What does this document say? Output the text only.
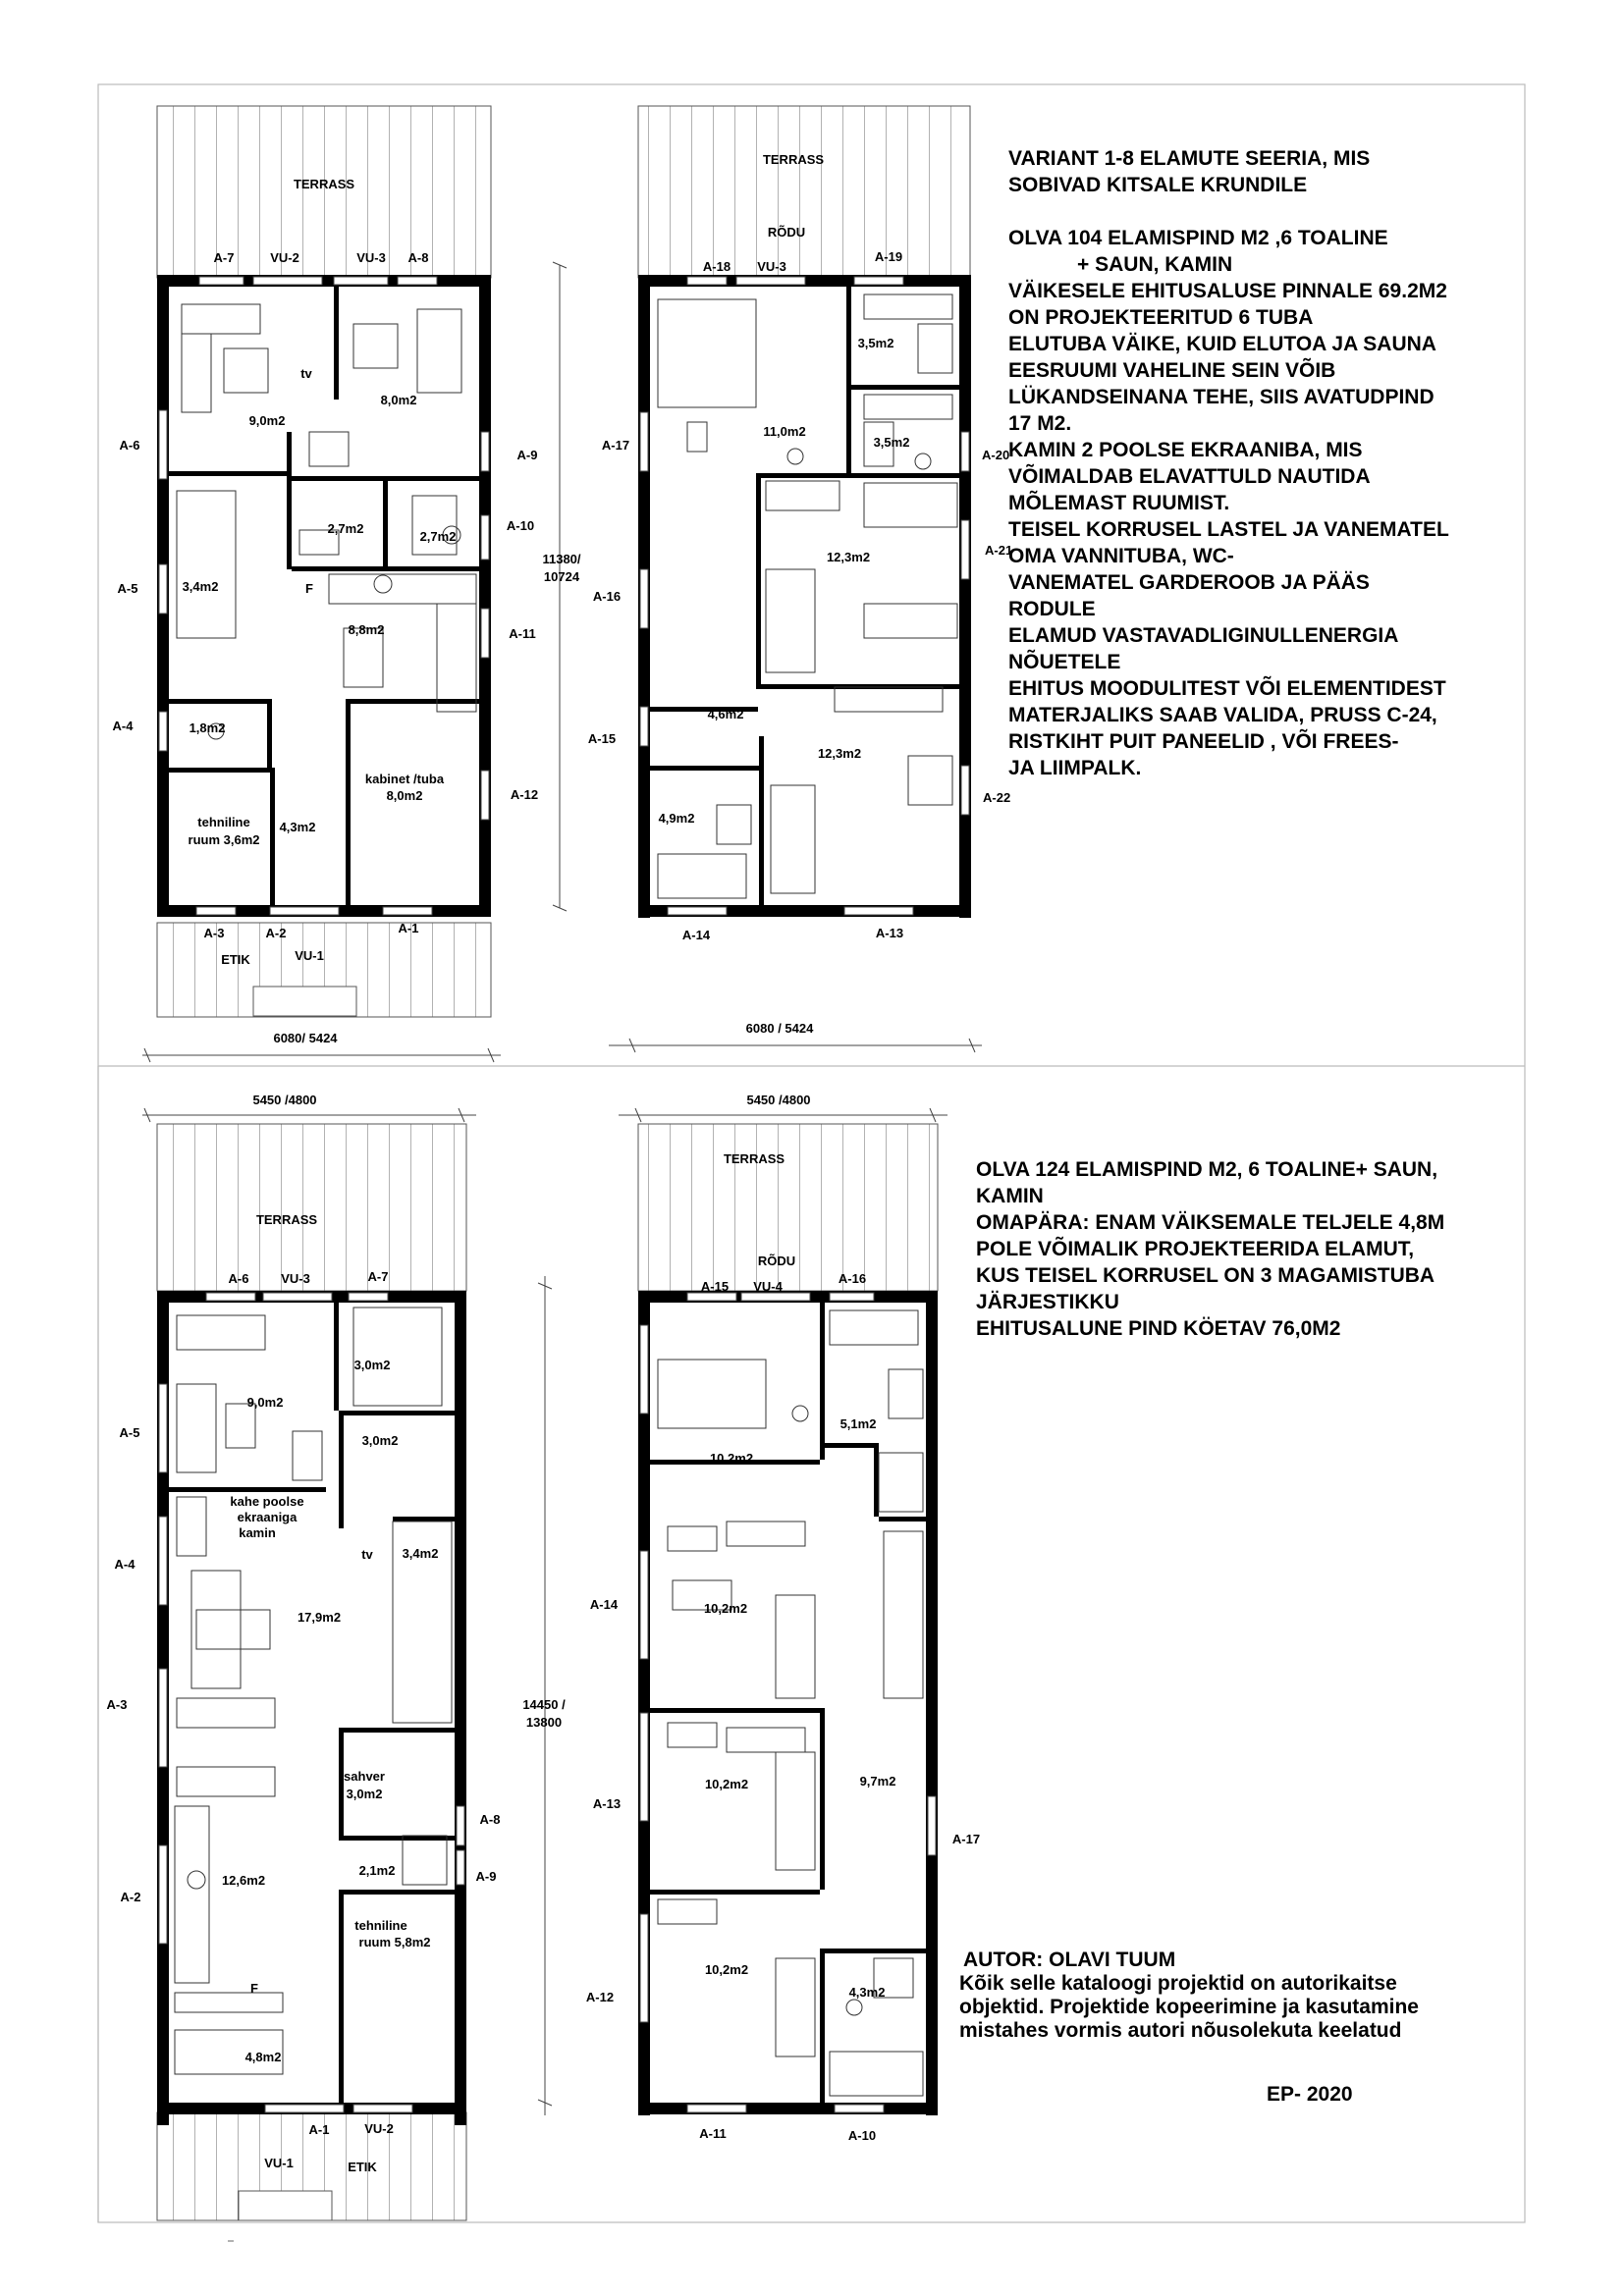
TERRASS
A-7	VU-2	VU-3 A-8
A-6
A-9
A-10
A-5
A-11
A-4
A-12
A-3	A-2	A-1
VU-1
ETIK
9,0m2
8,0m2
tv
2,7m2
2,7m2
3,4m2	F
8,8m2
1,8m2
tehniline
ruum 3,6m2
4,3m2
kabinet /tuba
8,0m2
11380/
10724
6080/ 5424
TERRASS
RÕDU
A-18 VU-3
A-19
A-17
A-20
A-21
A-16
A-15
A-22
A-14	A-13
3,5m2
11,0m2
3,5m2
12,3m2
4,6m2
12,3m2
4,9m2
6080 / 5424
5450 /4800
TERRASS
A-6	VU-3	A-7
A-5
A-4
A-3
A-8
A-9
A-2
A-1	VU-2
VU-1	ETIK
3,0m2
9,0m2
3,0m2
kahe poolse
ekraaniga
kamin
tv 3,4m2
17,9m2
sahver
3,0m2
2,1m2
12,6m2
tehniline
ruum 5,8m2
F
4,8m2
14450 /
13800
5450 /4800
TERRASS
RÕDU
A-15 VU-4
A-16
A-14
A-13
A-17
A-12
A-11	A-10
10,2m2
5,1m2
10,2m2
10,2m2	9,7m2
10,2m2
4,3m2
VARIANT 1-8 ELAMUTE SEERIA, MIS
SOBIVAD KITSALE KRUNDILE

OLVA 104 ELAMISPIND M2 ,6 TOALINE
+ SAUN, KAMIN
VÄIKESELE EHITUSALUSE PINNALE 69.2M2
ON PROJEKTEERITUD 6 TUBA
ELUTUBA VÄIKE, KUID ELUTOA JA SAUNA
EESRUUMI VAHELINE SEIN VÕIB
LÜKANDSEINANA TEHE, SIIS AVATUDPIND
17 M2.
KAMIN 2 POOLSE EKRAANIBA, MIS
VÕIMALDAB ELAVATTULD NAUTIDA
MÕLEMAST RUUMIST.
TEISEL KORRUSEL LASTEL JA VANEMATEL
OMA VANNITUBA, WC-
VANEMATEL GARDEROOB JA PÄÄS
RODULE
ELAMUD VASTAVADLIGINULLENERGIA
NÕUETELE
EHITUS MOODULITEST VÕI ELEMENTIDEST
MATERJALIKS SAAB VALIDA, PRUSS C-24,
RISTKIHT PUIT PANEELID , VÕI FREES-
JA LIIMPALK.
OLVA 124 ELAMISPIND M2, 6 TOALINE+ SAUN,
KAMIN
OMAPÄRA: ENAM VÄIKSEMALE TELJELE 4,8M
POLE VÕIMALIK PROJEKTEERIDA ELAMUT,
KUS TEISEL KORRUSEL ON 3 MAGAMISTUBA
JÄRJESTIKKU
EHITUSALUNE PIND KÖETAV 76,0M2
AUTOR: OLAVI TUUM
Kõik selle kataloogi projektid on autorikaitse
objektid. Projektide kopeerimine ja kasutamine
mistahes vormis autori nõusolekuta keelatud
EP- 2020
